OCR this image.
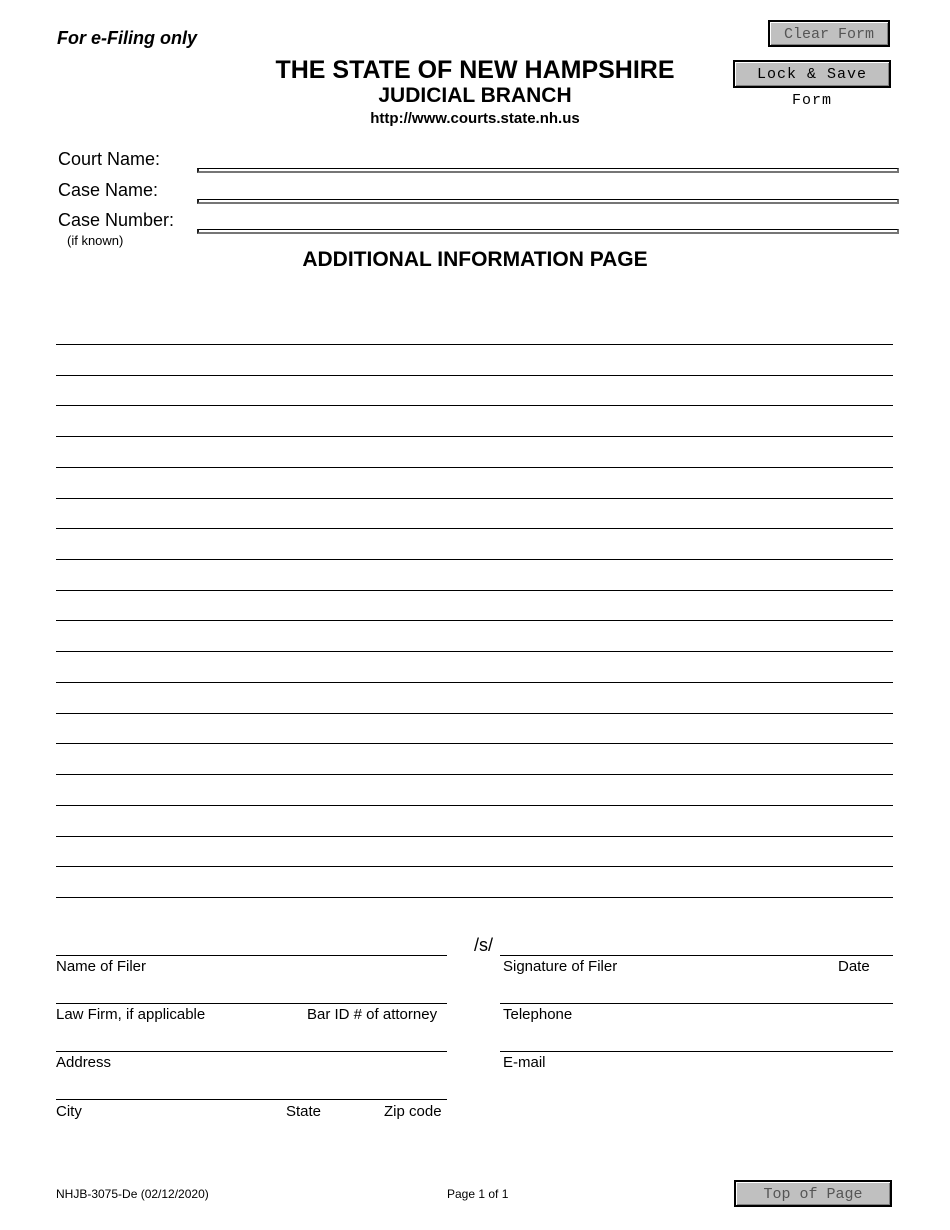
For e-Filing only	Clear Form
Lock & Save Form
THE STATE OF NEW HAMPSHIRE
JUDICIAL BRANCH
http://www.courts.state.nh.us
Court Name:
Case Name:
Case Number:
(if known)
ADDITIONAL INFORMATION PAGE
/s/
Name of Filer	Signature of Filer	Date
Law Firm, if applicable	Bar ID # of attorney	Telephone
Address	E-mail
City	State	Zip code
NHJB-3075-De (02/12/2020)	Page 1 of 1	Top of Page
